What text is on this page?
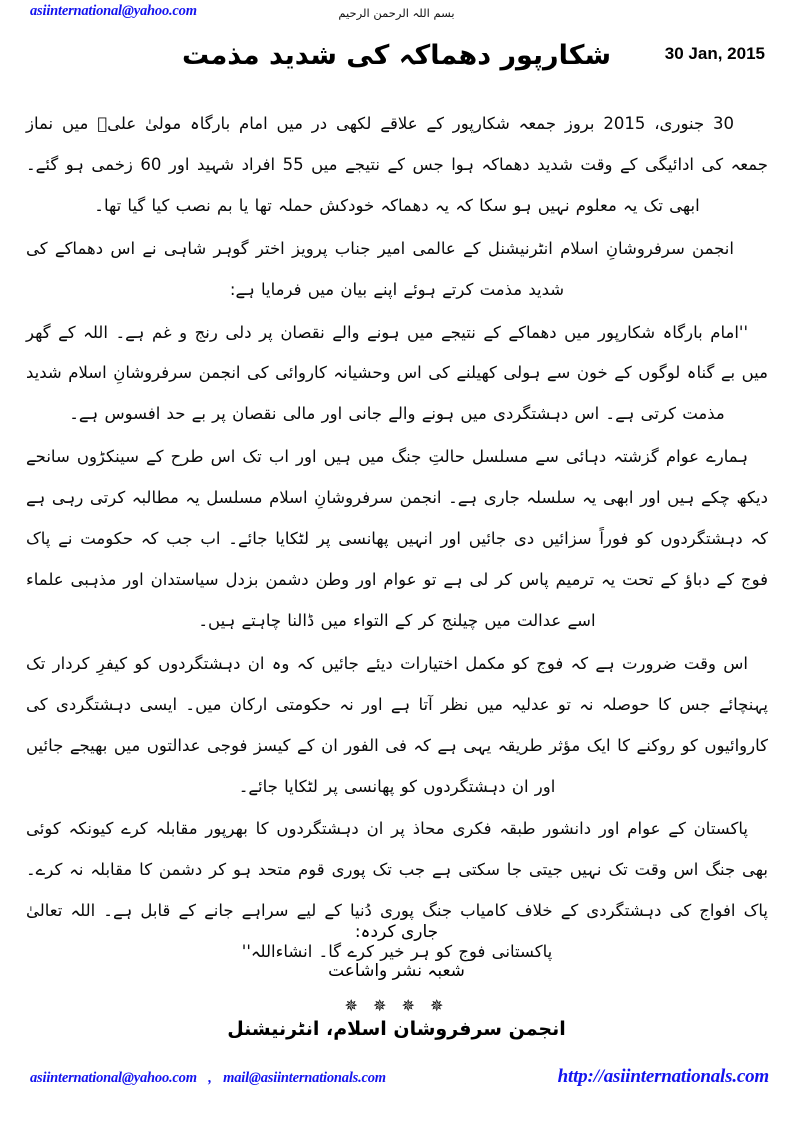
asiinternational@yahoo.com	بسم اللہ الرحمن الرحیم
30 Jan, 2015
شکارپور دھماکہ کی شدید مذمت

30 جنوری، 2015 بروز جمعہ شکارپور کے علاقے لکھی در میں امام بارگاہ مولیٰ علیؑ میں نماز جمعہ کی ادائیگی کے وقت شدید دھماکہ ہوا جس کے نتیجے میں 55 افراد شہید اور 60 زخمی ہو گئے۔ ابھی تک یہ معلوم نہیں ہو سکا کہ یہ دھماکہ خودکش حملہ تھا یا بم نصب کیا گیا تھا۔

انجمن سرفروشانِ اسلام انٹرنیشنل کے عالمی امیر جناب پرویز اختر گوہر شاہی نے اس دھماکے کی شدید مذمت کرتے ہوئے اپنے بیان میں فرمایا ہے:

''امام بارگاہ شکارپور میں دھماکے کے نتیجے میں ہونے والے نقصان پر دلی رنج و غم ہے۔ اللہ کے گھر میں بے گناہ لوگوں کے خون سے ہولی کھیلنے کی اس وحشیانہ کاروائی کی انجمن سرفروشانِ اسلام شدید مذمت کرتی ہے۔ اس دہشتگردی میں ہونے والے جانی اور مالی نقصان پر بے حد افسوس ہے۔

ہمارے عوام گزشتہ دہائی سے مسلسل حالتِ جنگ میں ہیں اور اب تک اس طرح کے سینکڑوں سانحے دیکھ چکے ہیں اور ابھی یہ سلسلہ جاری ہے۔ انجمن سرفروشانِ اسلام مسلسل یہ مطالبہ کرتی رہی ہے کہ دہشتگردوں کو فوراً سزائیں دی جائیں اور انہیں پھانسی پر لٹکایا جائے۔ اب جب کہ حکومت نے پاک فوج کے دباؤ کے تحت یہ ترمیم پاس کر لی ہے تو عوام اور وطن دشمن بزدل سیاستدان اور مذہبی علماء اسے عدالت میں چیلنج کر کے التواء میں ڈالنا چاہتے ہیں۔

اس وقت ضرورت ہے کہ فوج کو مکمل اختیارات دیئے جائیں کہ وہ ان دہشتگردوں کو کیفرِ کردار تک پہنچائے جس کا حوصلہ نہ تو عدلیہ میں نظر آتا ہے اور نہ حکومتی ارکان میں۔ ایسی دہشتگردی کی کاروائیوں کو روکنے کا ایک مؤثر طریقہ یہی ہے کہ فی الفور ان کے کیسز فوجی عدالتوں میں بھیجے جائیں اور ان دہشتگردوں کو پھانسی پر لٹکایا جائے۔

پاکستان کے عوام اور دانشور طبقہ فکری محاذ پر ان دہشتگردوں کا بھرپور مقابلہ کرے کیونکہ کوئی بھی جنگ اس وقت تک نہیں جیتی جا سکتی ہے جب تک پوری قوم متحد ہو کر دشمن کا مقابلہ نہ کرے۔ پاک افواج کی دہشتگردی کے خلاف کامیاب جنگ پوری دُنیا کے لیے سراہے جانے کے قابل ہے۔ اللہ تعالیٰ پاکستانی فوج کو ہر خیر کرے گا۔ انشاءاللہ''

جاری کردہ:
شعبہ نشر واشاعت
✵ ✵ ✵ ✵
انجمن سرفروشان اسلام، انٹرنیشنل
asiinternational@yahoo.com , mail@asiinternationals.com	http://asiinternationals.com
